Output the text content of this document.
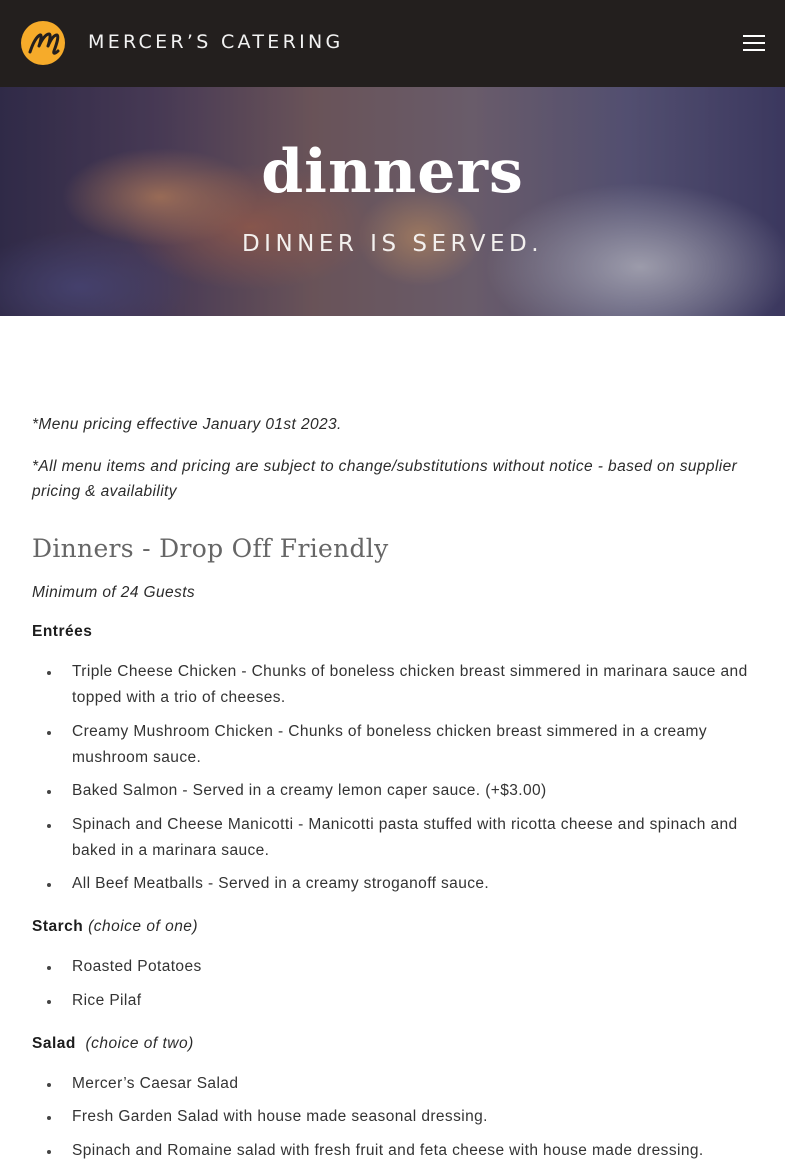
MERCER’S CATERING
dinners
DINNER IS SERVED.

*Menu pricing effective January 01st 2023.

*All menu items and pricing are subject to change/substitutions without notice - based on supplier pricing & availability

Dinners - Drop Off Friendly

Minimum of 24 Guests

Entrées

Triple Cheese Chicken - Chunks of boneless chicken breast simmered in marinara sauce and topped with a trio of cheeses.
Creamy Mushroom Chicken - Chunks of boneless chicken breast simmered in a creamy mushroom sauce.
Baked Salmon - Served in a creamy lemon caper sauce. (+$3.00)
Spinach and Cheese Manicotti - Manicotti pasta stuffed with ricotta cheese and spinach and baked in a marinara sauce.
All Beef Meatballs - Served in a creamy stroganoff sauce.

Starch (choice of one)

Roasted Potatoes
Rice Pilaf

Salad (choice of two)

Mercer’s Caesar Salad
Fresh Garden Salad with house made seasonal dressing.
Spinach and Romaine salad with fresh fruit and feta cheese with house made dressing.
